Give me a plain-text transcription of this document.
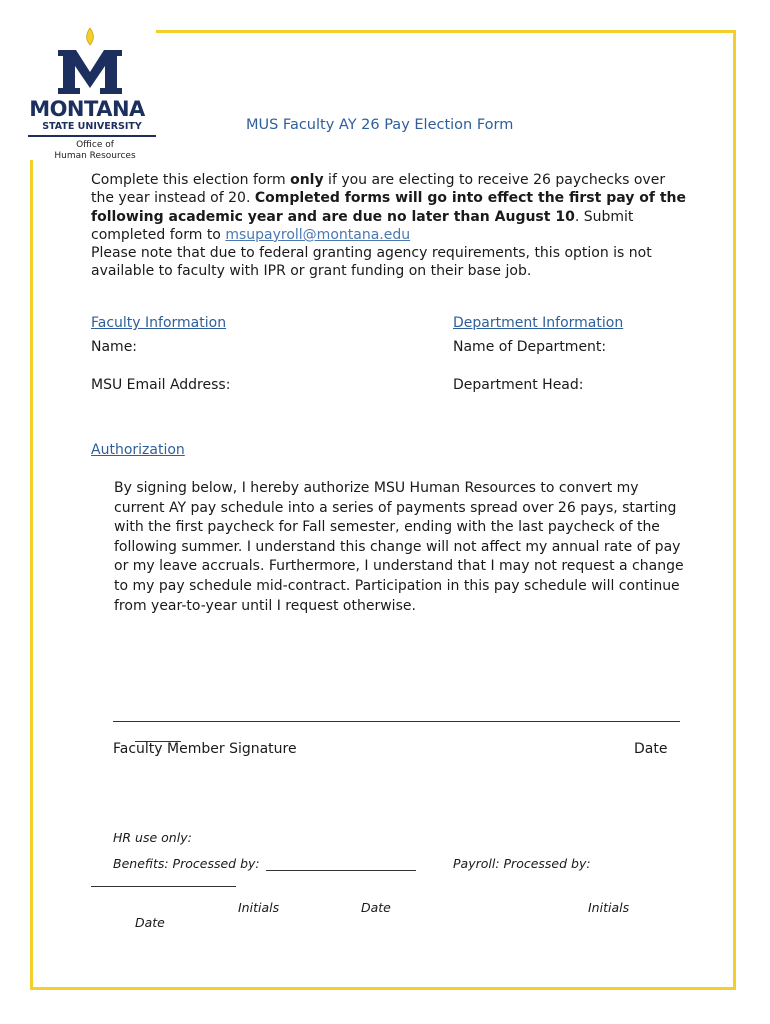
MONTANA
STATE UNIVERSITY
Office of
Human Resources
MUS Faculty AY 26 Pay Election Form
Complete this election form only if you are electing to receive 26 paychecks over the year instead of 20. Completed forms will go into effect the first pay of the following academic year and are due no later than August 10. Submit completed form to msupayroll@montana.edu
Please note that due to federal granting agency requirements, this option is not available to faculty with IPR or grant funding on their base job.
Faculty Information
Name:
MSU Email Address:
Department Information
Name of Department:
Department Head:
Authorization
By signing below, I hereby authorize MSU Human Resources to convert my current AY pay schedule into a series of payments spread over 26 pays, starting with the first paycheck for Fall semester, ending with the last paycheck of the following summer. I understand this change will not affect my annual rate of pay or my leave accruals. Furthermore, I understand that I may not request a change to my pay schedule mid-contract. Participation in this pay schedule will continue from year-to-year until I request otherwise.
Faculty Member Signature	Date
HR use only:
Benefits: Processed by:	Payroll: Processed by:
Initials	Date	Initials
Date
